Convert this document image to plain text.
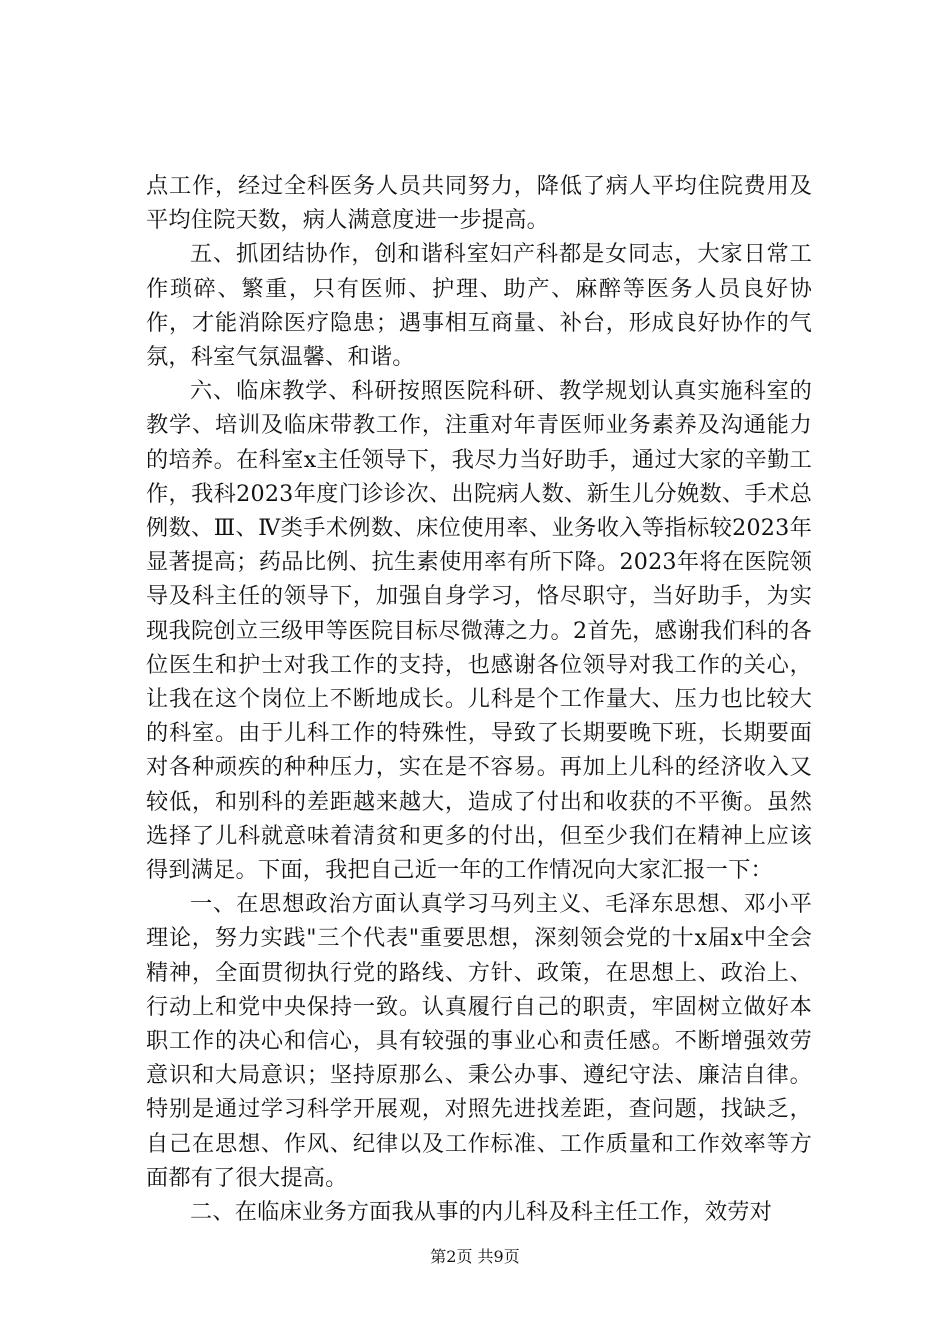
点工作，经过全科医务人员共同努力，降低了病人平均住院费用及平均住院天数，病人满意度进一步提高。

五、抓团结协作，创和谐科室妇产科都是女同志，大家日常工作琐碎、繁重，只有医师、护理、助产、麻醉等医务人员良好协作，才能消除医疗隐患；遇事相互商量、补台，形成良好协作的气氛，科室气氛温馨、和谐。

六、临床教学、科研按照医院科研、教学规划认真实施科室的教学、培训及临床带教工作，注重对年青医师业务素养及沟通能力的培养。在科室x主任领导下，我尽力当好助手，通过大家的辛勤工作，我科2023年度门诊诊次、出院病人数、新生儿分娩数、手术总例数、Ⅲ、Ⅳ类手术例数、床位使用率、业务收入等指标较2023年显著提高；药品比例、抗生素使用率有所下降。2023年将在医院领导及科主任的领导下，加强自身学习，恪尽职守，当好助手，为实现我院创立三级甲等医院目标尽微薄之力。2首先，感谢我们科的各位医生和护士对我工作的支持，也感谢各位领导对我工作的关心，让我在这个岗位上不断地成长。儿科是个工作量大、压力也比较大的科室。由于儿科工作的特殊性，导致了长期要晚下班，长期要面对各种顽疾的种种压力，实在是不容易。再加上儿科的经济收入又较低，和别科的差距越来越大，造成了付出和收获的不平衡。虽然选择了儿科就意味着清贫和更多的付出，但至少我们在精神上应该得到满足。下面，我把自己近一年的工作情况向大家汇报一下：

一、在思想政治方面认真学习马列主义、毛泽东思想、邓小平理论，努力实践"三个代表"重要思想，深刻领会党的十x届x中全会精神，全面贯彻执行党的路线、方针、政策，在思想上、政治上、行动上和党中央保持一致。认真履行自己的职责，牢固树立做好本职工作的决心和信心，具有较强的事业心和责任感。不断增强效劳意识和大局意识；坚持原那么、秉公办事、遵纪守法、廉洁自律。特别是通过学习科学开展观，对照先进找差距，查问题，找缺乏，自己在思想、作风、纪律以及工作标准、工作质量和工作效率等方面都有了很大提高。

二、在临床业务方面我从事的内儿科及科主任工作，效劳对

第2页 共9页
